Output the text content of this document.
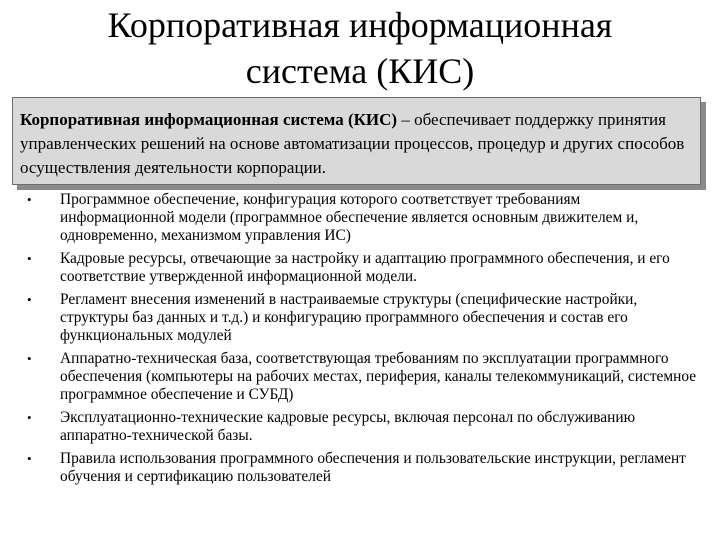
Корпоративная информационная
система (КИС)
Корпоративная информационная система (КИС) – обеспечивает поддержку принятия управленческих решений на основе автоматизации процессов, процедур и других способов осуществления деятельности корпорации.
• Программное обеспечение, конфигурация которого соответствует требованиям информационной модели (программное обеспечение является основным движителем и, одновременно, механизмом управления ИС)
• Кадровые ресурсы, отвечающие за настройку и адаптацию программного обеспечения, и его соответствие утвержденной информационной модели.
• Регламент внесения изменений в настраиваемые структуры (специфические настройки, структуры баз данных и т.д.) и конфигурацию программного обеспечения и состав его функциональных модулей
• Аппаратно-техническая база, соответствующая требованиям по эксплуатации программного обеспечения (компьютеры на рабочих местах, периферия, каналы телекоммуникаций, системное программное обеспечение и СУБД)
• Эксплуатационно-технические кадровые ресурсы, включая персонал по обслуживанию аппаратно-технической базы.
• Правила использования программного обеспечения и пользовательские инструкции, регламент обучения и сертификацию пользователей
